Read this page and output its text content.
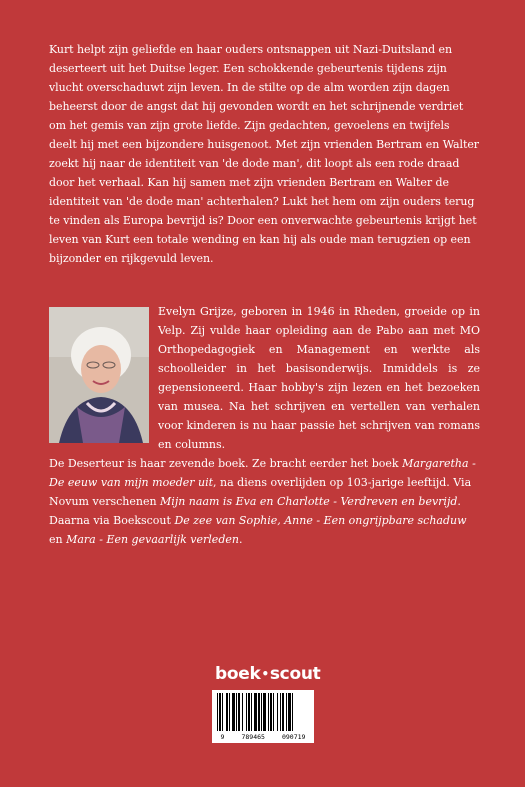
Kurt helpt zijn geliefde en haar ouders ontsnappen uit Nazi-Duitsland en deserteert uit het Duitse leger. Een schokkende gebeurtenis tijdens zijn vlucht overschaduwt zijn leven. In de stilte op de alm worden zijn dagen beheerst door de angst dat hij gevonden wordt en het schrijnende verdriet om het gemis van zijn grote liefde. Zijn gedachten, gevoelens en twijfels deelt hij met een bijzondere huisgenoot. Met zijn vrienden Bertram en Walter zoekt hij naar de identiteit van 'de dode man', dit loopt als een rode draad door het verhaal. Kan hij samen met zijn vrienden Bertram en Walter de identiteit van 'de dode man' achterhalen? Lukt het hem om zijn ouders terug te vinden als Europa bevrijd is? Door een onverwachte gebeurtenis krijgt het leven van Kurt een totale wending en kan hij als oude man terugzien op een bijzonder en rijkgevuld leven.

Evelyn Grijze, geboren in 1946 in Rheden, groeide op in Velp. Zij vulde haar opleiding aan de Pabo aan met MO Orthopedagogiek en Management en werkte als schoolleider in het basisonderwijs. Inmiddels is ze gepensioneerd. Haar hobby's zijn lezen en het bezoeken van musea. Na het schrijven en vertellen van verhalen voor kinderen is nu haar passie het schrijven van romans en columns.

De Deserteur is haar zevende boek. Ze bracht eerder het boek Margaretha - De eeuw van mijn moeder uit, na diens overlijden op 103-jarige leeftijd. Via Novum verschenen Mijn naam is Eva en Charlotte - Verdreven en bevrijd. Daarna via Boekscout De zee van Sophie, Anne - Een ongrijpbare schaduw en Mara - Een gevaarlijk verleden.

boek•scout
9	789465	090719
